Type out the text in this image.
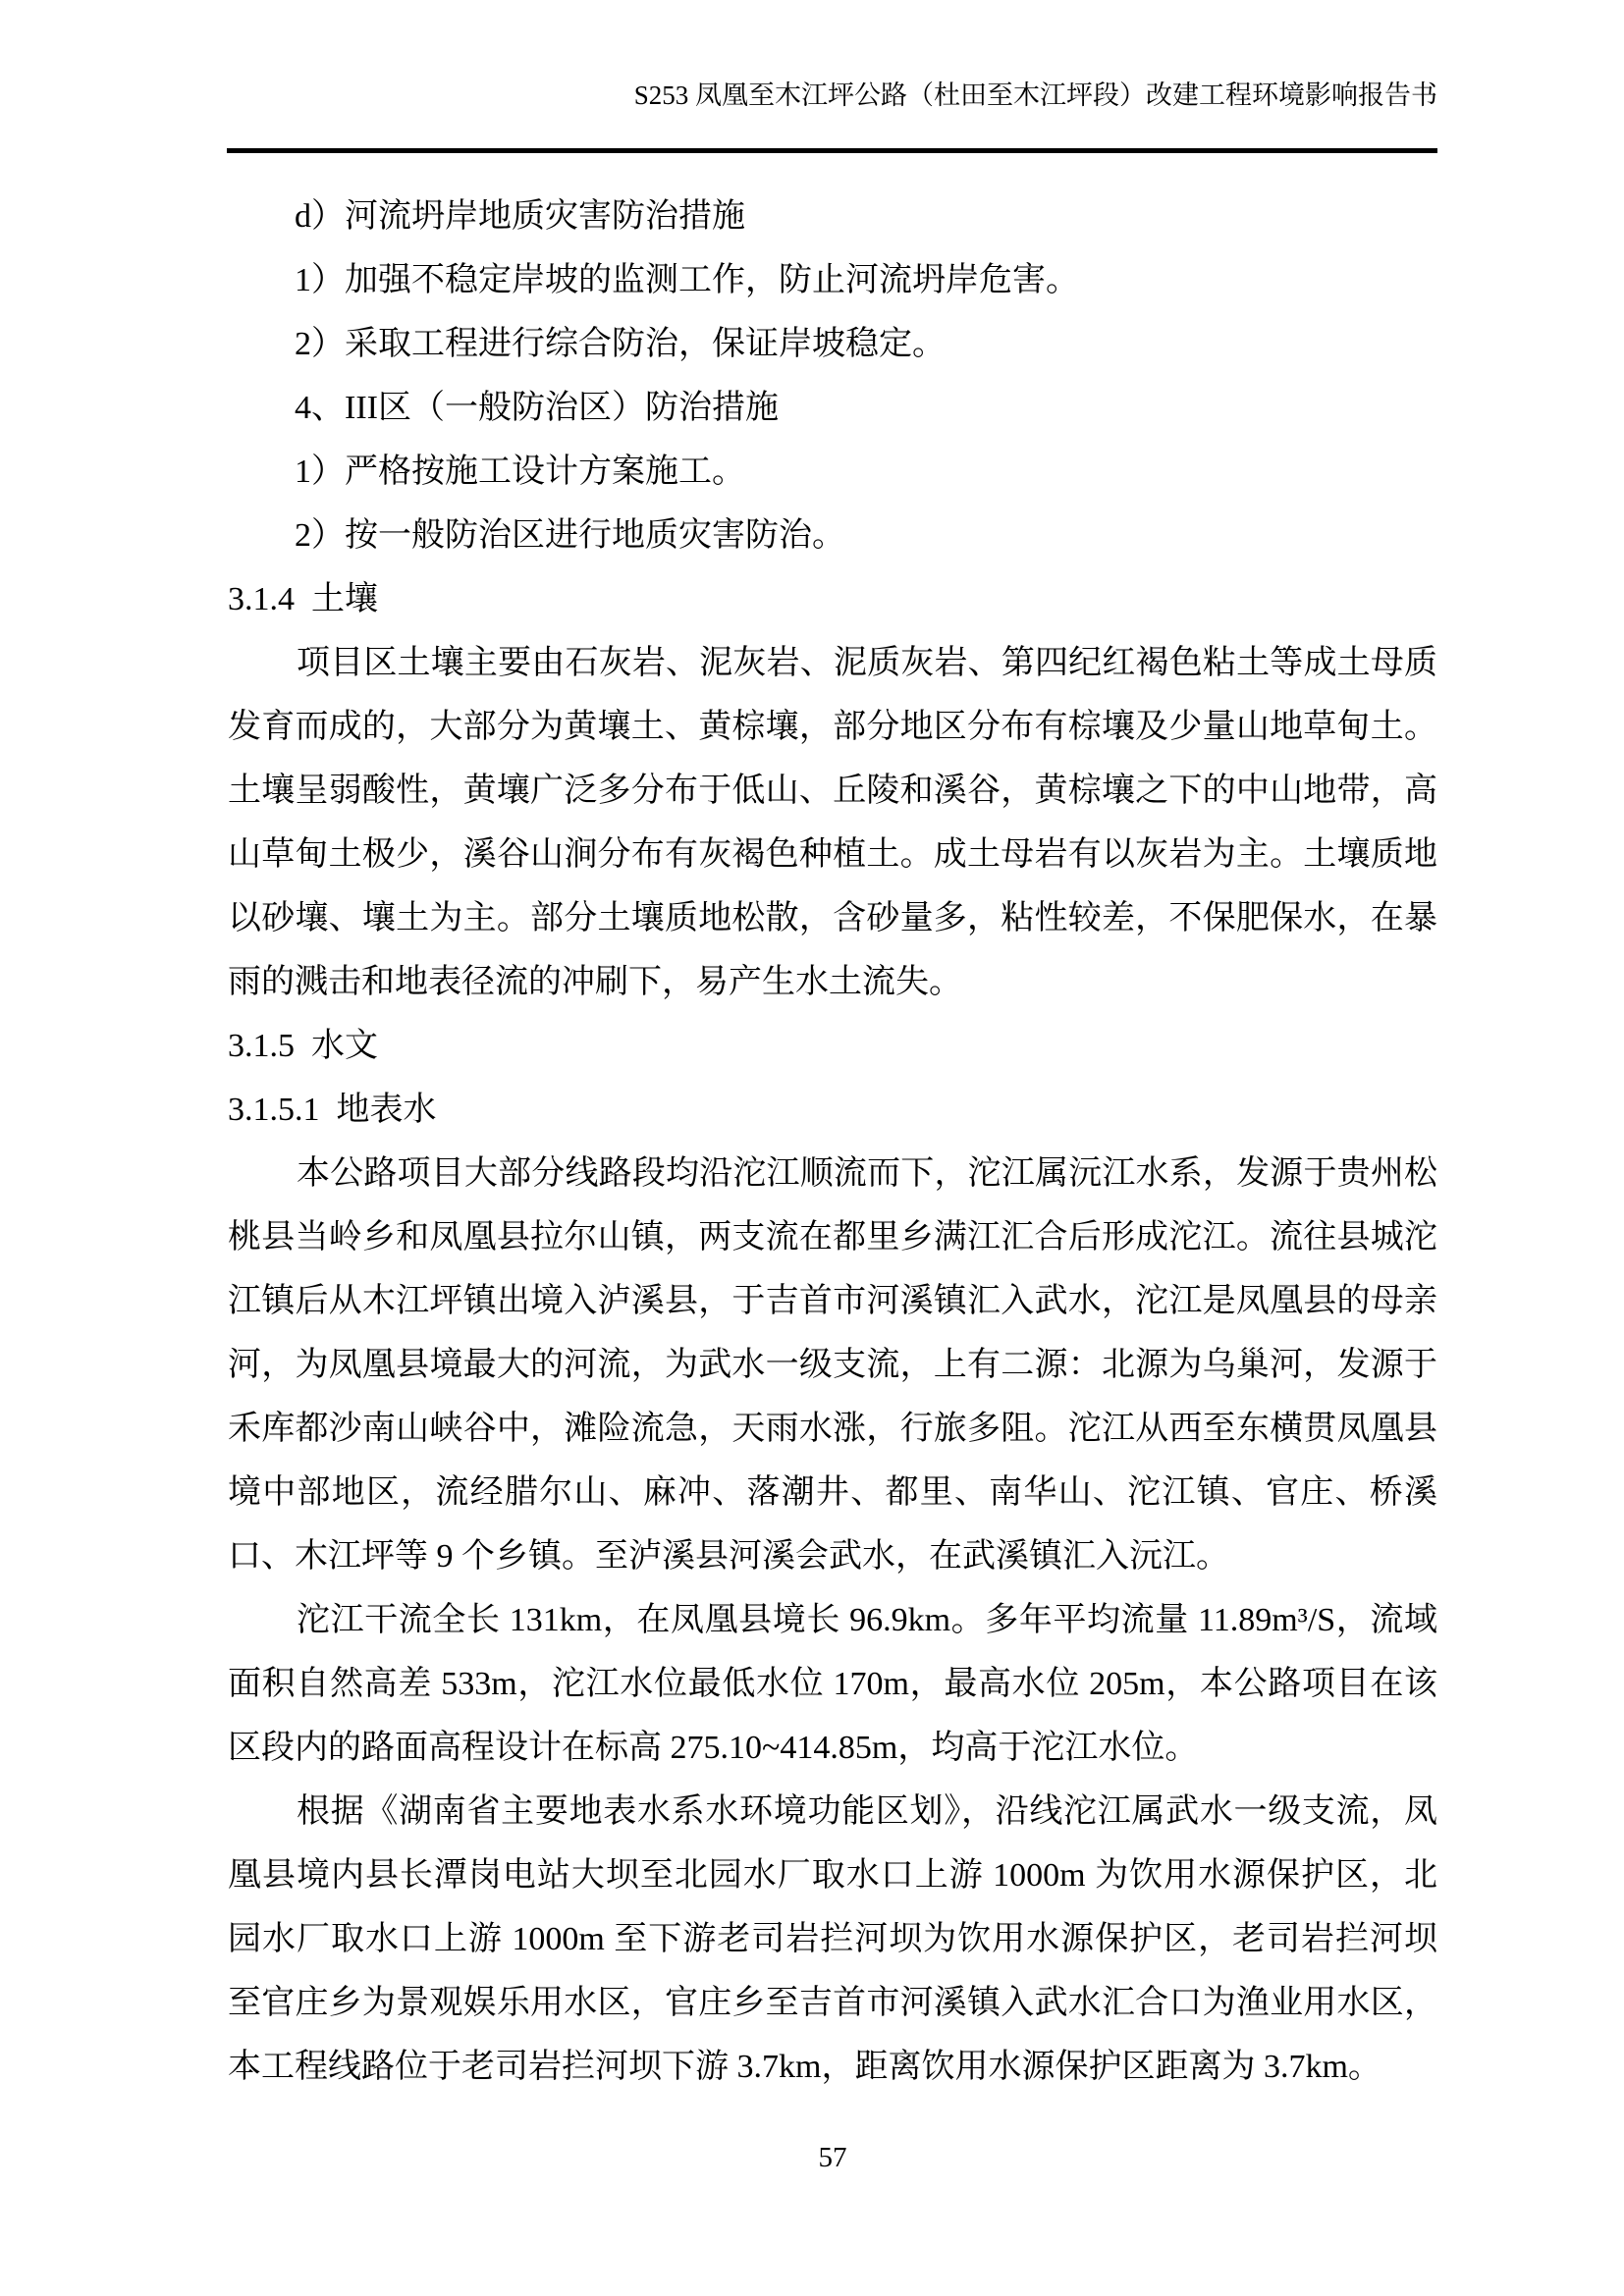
S253 凤凰至木江坪公路（杜田至木江坪段）改建工程环境影响报告书
d）河流坍岸地质灾害防治措施
1）加强不稳定岸坡的监测工作，防止河流坍岸危害。
2）采取工程进行综合防治，保证岸坡稳定。
4、III区（一般防治区）防治措施
1）严格按施工设计方案施工。
2）按一般防治区进行地质灾害防治。
3.1.4  土壤
项目区土壤主要由石灰岩、泥灰岩、泥质灰岩、第四纪红褐色粘土等成土母质发育而成的，大部分为黄壤土、黄棕壤，部分地区分布有棕壤及少量山地草甸土。土壤呈弱酸性，黄壤广泛多分布于低山、丘陵和溪谷，黄棕壤之下的中山地带，高山草甸土极少，溪谷山涧分布有灰褐色种植土。成土母岩有以灰岩为主。土壤质地以砂壤、壤土为主。部分土壤质地松散，含砂量多，粘性较差，不保肥保水，在暴雨的溅击和地表径流的冲刷下，易产生水土流失。
3.1.5  水文
3.1.5.1  地表水
本公路项目大部分线路段均沿沱江顺流而下，沱江属沅江水系，发源于贵州松桃县当岭乡和凤凰县拉尔山镇，两支流在都里乡满江汇合后形成沱江。流往县城沱江镇后从木江坪镇出境入泸溪县，于吉首市河溪镇汇入武水，沱江是凤凰县的母亲河，为凤凰县境最大的河流，为武水一级支流，上有二源：北源为乌巢河，发源于禾库都沙南山峡谷中，滩险流急，天雨水涨，行旅多阻。沱江从西至东横贯凤凰县境中部地区，流经腊尔山、麻冲、落潮井、都里、南华山、沱江镇、官庄、桥溪口、木江坪等 9 个乡镇。至泸溪县河溪会武水，在武溪镇汇入沅江。
沱江干流全长 131km，在凤凰县境长 96.9km。多年平均流量 11.89m³/S，流域面积自然高差 533m，沱江水位最低水位 170m，最高水位 205m，本公路项目在该区段内的路面高程设计在标高 275.10~414.85m，均高于沱江水位。
根据《湖南省主要地表水系水环境功能区划》，沿线沱江属武水一级支流，凤凰县境内县长潭岗电站大坝至北园水厂取水口上游 1000m 为饮用水源保护区，北园水厂取水口上游 1000m 至下游老司岩拦河坝为饮用水源保护区，老司岩拦河坝至官庄乡为景观娱乐用水区，官庄乡至吉首市河溪镇入武水汇合口为渔业用水区，本工程线路位于老司岩拦河坝下游 3.7km，距离饮用水源保护区距离为 3.7km。
57
